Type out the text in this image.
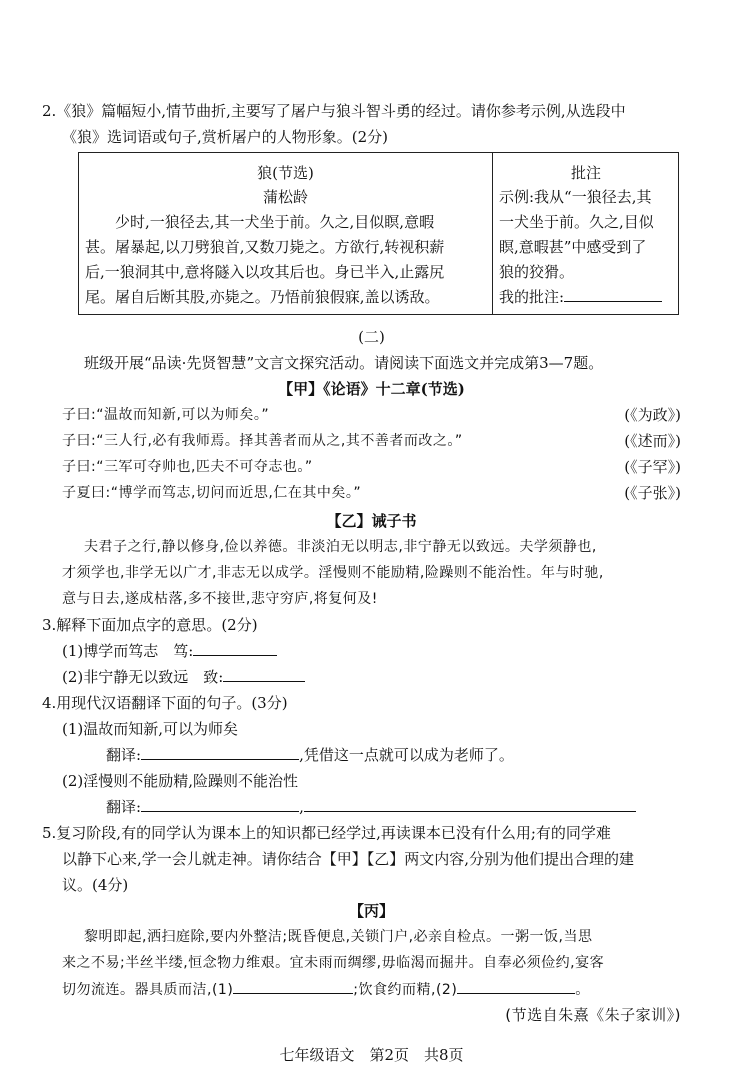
2.《狼》篇幅短小,情节曲折,主要写了屠户与狼斗智斗勇的经过。请你参考示例,从选段中
《狼》选词语或句子,赏析屠户的人物形象。(2分)
狼(节选)
蒲松龄
少时,一狼径去,其一犬坐于前。久之,目似瞑,意暇
甚。屠暴起,以刀劈狼首,又数刀毙之。方欲行,转视积薪
后,一狼洞其中,意将隧入以攻其后也。身已半入,止露尻
尾。屠自后断其股,亦毙之。乃悟前狼假寐,盖以诱敌。

批注
示例:我从“一狼径去,其
一犬坐于前。久之,目似
瞑,意暇甚”中感受到了
狼的狡猾。
我的批注:
(二)
班级开展“品读·先贤智慧”文言文探究活动。请阅读下面选文并完成第3—7题。
【甲】《论语》十二章(节选)
子曰:“温故而知新,可以为师矣。”	(《为政》)
子曰:“三人行,必有我师焉。择其善者而从之,其不善者而改之。”	(《述而》)
子曰:“三军可夺帅也,匹夫不可夺志也。”	(《子罕》)
子夏曰:“博学而笃志,切问而近思,仁在其中矣。”	(《子张》)
【乙】诫子书
夫君子之行,静以修身,俭以养德。非淡泊无以明志,非宁静无以致远。夫学须静也,
才须学也,非学无以广才,非志无以成学。淫慢则不能励精,险躁则不能治性。年与时驰,
意与日去,遂成枯落,多不接世,悲守穷庐,将复何及!
3.解释下面加点字的意思。(2分)
(1)博学而笃志　笃:
(2)非宁静无以致远　致:
4.用现代汉语翻译下面的句子。(3分)
(1)温故而知新,可以为师矣
翻译:	,凭借这一点就可以成为老师了。
(2)淫慢则不能励精,险躁则不能治性
翻译:	,
5.复习阶段,有的同学认为课本上的知识都已经学过,再读课本已没有什么用;有的同学难
以静下心来,学一会儿就走神。请你结合【甲】【乙】两文内容,分别为他们提出合理的建
议。(4分)
【丙】
黎明即起,洒扫庭除,要内外整洁;既昏便息,关锁门户,必亲自检点。一粥一饭,当思
来之不易;半丝半缕,恒念物力维艰。宜未雨而绸缪,毋临渴而掘井。自奉必须俭约,宴客
切勿流连。器具质而洁,(1)	;饮食约而精,(2)	。
(节选自朱熹《朱子家训》)
七年级语文　第2页　共8页
